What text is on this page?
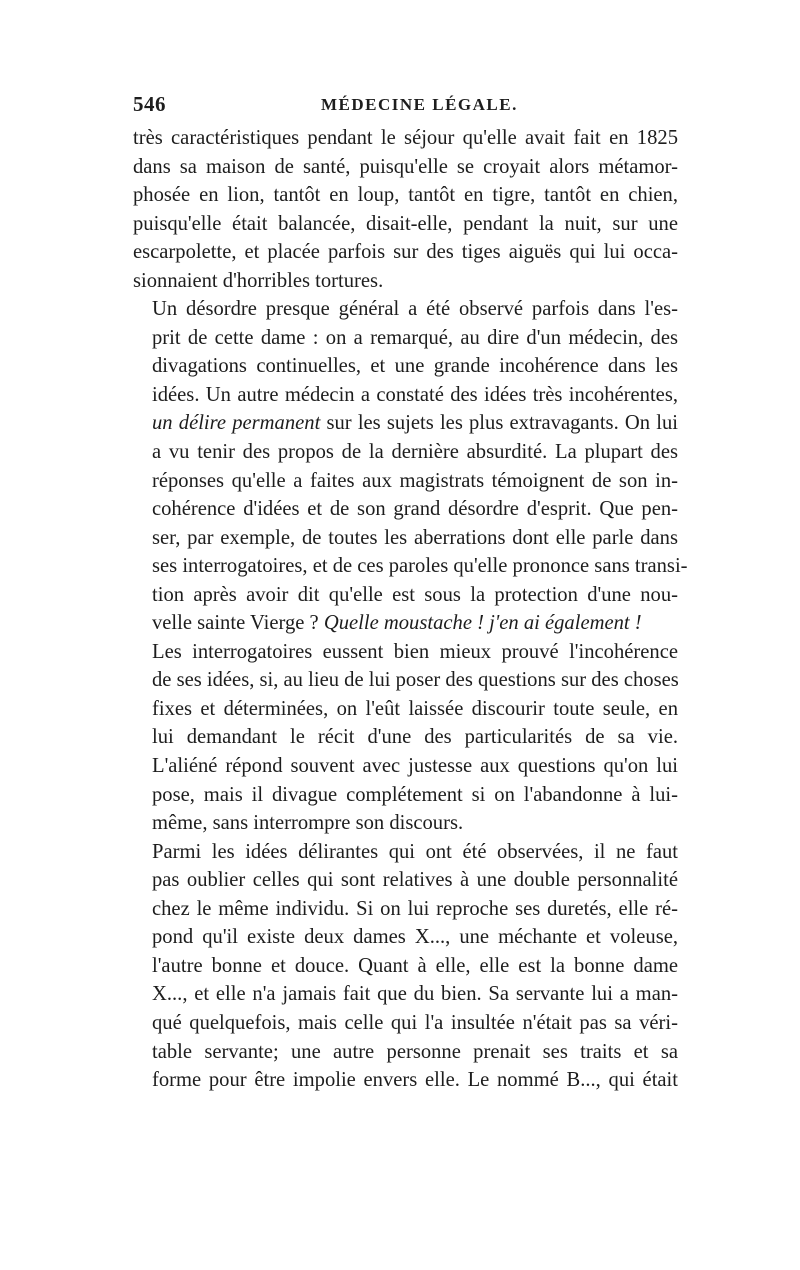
546	MÉDECINE LÉGALE.

très caractéristiques pendant le séjour qu'elle avait fait en 1825
dans sa maison de santé, puisqu'elle se croyait alors métamor-
phosée en lion, tantôt en loup, tantôt en tigre, tantôt en chien,
puisqu'elle était balancée, disait-elle, pendant la nuit, sur une
escarpolette, et placée parfois sur des tiges aiguës qui lui occa-
sionnaient d'horribles tortures.

Un désordre presque général a été observé parfois dans l'es-
prit de cette dame : on a remarqué, au dire d'un médecin, des
divagations continuelles, et une grande incohérence dans les
idées. Un autre médecin a constaté des idées très incohérentes,
un délire permanent sur les sujets les plus extravagants. On lui
a vu tenir des propos de la dernière absurdité. La plupart des
réponses qu'elle a faites aux magistrats témoignent de son in-
cohérence d'idées et de son grand désordre d'esprit. Que pen-
ser, par exemple, de toutes les aberrations dont elle parle dans
ses interrogatoires, et de ces paroles qu'elle prononce sans transi-
tion après avoir dit qu'elle est sous la protection d'une nou-
velle sainte Vierge ? Quelle moustache ! j'en ai également !

Les interrogatoires eussent bien mieux prouvé l'incohérence
de ses idées, si, au lieu de lui poser des questions sur des choses
fixes et déterminées, on l'eût laissée discourir toute seule, en
lui demandant le récit d'une des particularités de sa vie.
L'aliéné répond souvent avec justesse aux questions qu'on lui
pose, mais il divague complétement si on l'abandonne à lui-
même, sans interrompre son discours.

Parmi les idées délirantes qui ont été observées, il ne faut
pas oublier celles qui sont relatives à une double personnalité
chez le même individu. Si on lui reproche ses duretés, elle ré-
pond qu'il existe deux dames X..., une méchante et voleuse,
l'autre bonne et douce. Quant à elle, elle est la bonne dame
X..., et elle n'a jamais fait que du bien. Sa servante lui a man-
qué quelquefois, mais celle qui l'a insultée n'était pas sa véri-
table servante; une autre personne prenait ses traits et sa
forme pour être impolie envers elle. Le nommé B..., qui était
